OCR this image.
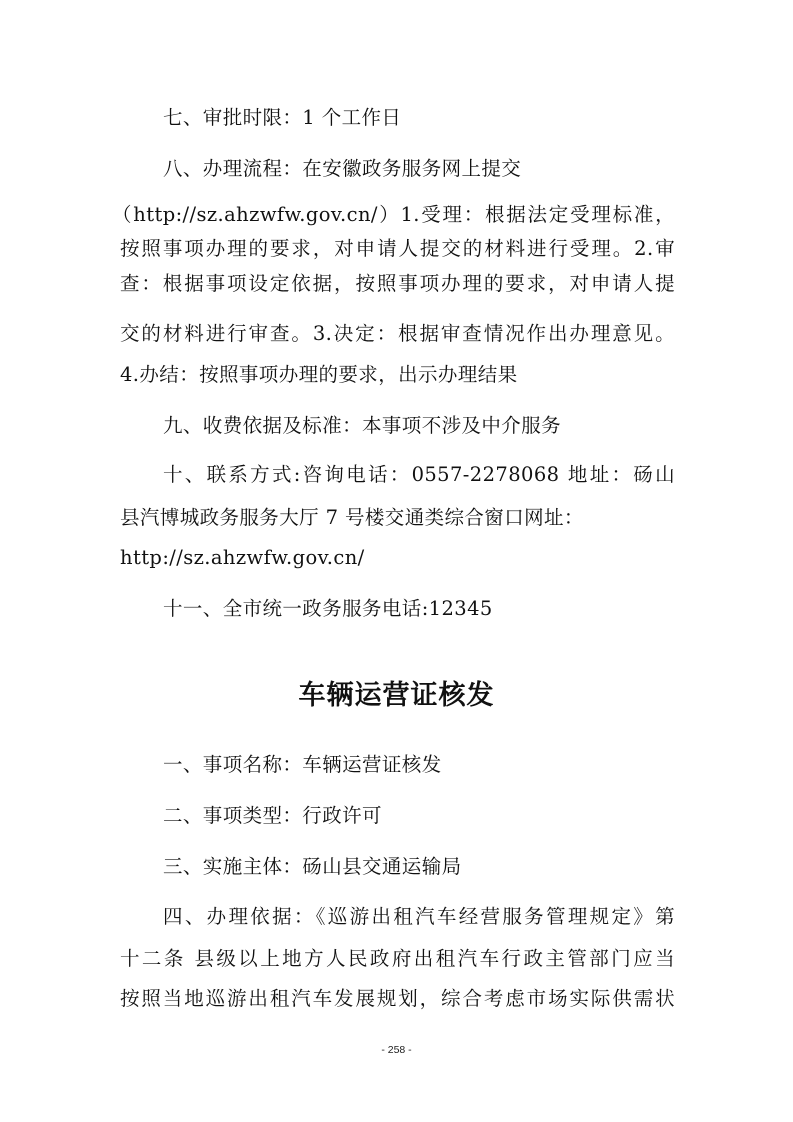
七、审批时限：1 个工作日
八、办理流程：在安徽政务服务网上提交
（http://sz.ahzwfw.gov.cn/）1.受理：根据法定受理标准，
按照事项办理的要求，对申请人提交的材料进行受理。2.审
查：根据事项设定依据，按照事项办理的要求，对申请人提
交的材料进行审查。3.决定：根据审查情况作出办理意见。
4.办结：按照事项办理的要求，出示办理结果
九、收费依据及标准：本事项不涉及中介服务
十、联系方式:咨询电话：0557-2278068 地址：砀山
县汽博城政务服务大厅 7 号楼交通类综合窗口网址：
http://sz.ahzwfw.gov.cn/
十一、全市统一政务服务电话:12345
车辆运营证核发
一、事项名称：车辆运营证核发
二、事项类型：行政许可
三、实施主体：砀山县交通运输局
四、办理依据：《巡游出租汽车经营服务管理规定》第
十二条 县级以上地方人民政府出租汽车行政主管部门应当
按照当地巡游出租汽车发展规划，综合考虑市场实际供需状
- 258 -
